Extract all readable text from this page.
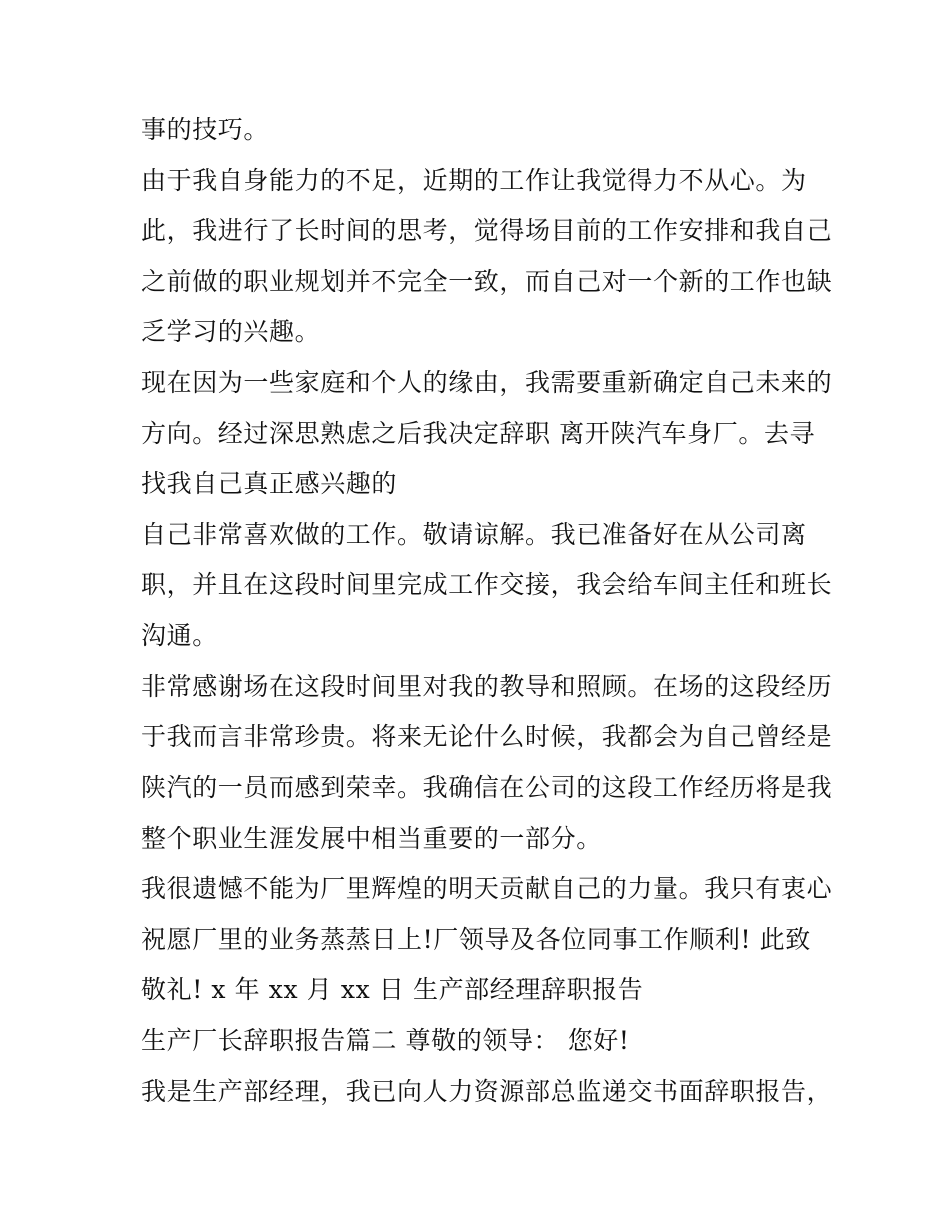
事的技巧。
由于我自身能力的不足，近期的工作让我觉得力不从心。为
此，我进行了长时间的思考，觉得场目前的工作安排和我自己
之前做的职业规划并不完全一致，而自己对一个新的工作也缺
乏学习的兴趣。
现在因为一些家庭和个人的缘由，我需要重新确定自己未来的
方向。经过深思熟虑之后我决定辞职 离开陕汽车身厂。去寻
找我自己真正感兴趣的
自己非常喜欢做的工作。敬请谅解。我已准备好在从公司离
职，并且在这段时间里完成工作交接，我会给车间主任和班长
沟通。
非常感谢场在这段时间里对我的教导和照顾。在场的这段经历
于我而言非常珍贵。将来无论什么时候，我都会为自己曾经是
陕汽的一员而感到荣幸。我确信在公司的这段工作经历将是我
整个职业生涯发展中相当重要的一部分。
我很遗憾不能为厂里辉煌的明天贡献自己的力量。我只有衷心
祝愿厂里的业务蒸蒸日上!厂领导及各位同事工作顺利! 此致
敬礼! x 年 xx 月 xx 日 生产部经理辞职报告
生产厂长辞职报告篇二 尊敬的领导： 您好!
我是生产部经理，我已向人力资源部总监递交书面辞职报告，
